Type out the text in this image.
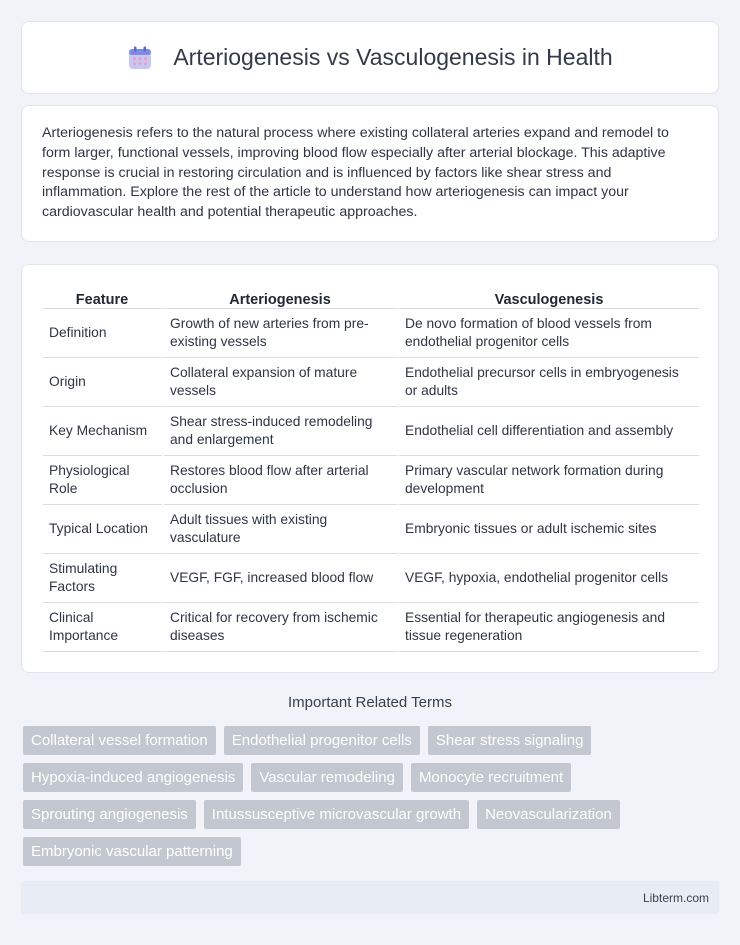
Arteriogenesis vs Vasculogenesis in Health

Arteriogenesis refers to the natural process where existing collateral arteries expand and remodel to form larger, functional vessels, improving blood flow especially after arterial blockage. This adaptive response is crucial in restoring circulation and is influenced by factors like shear stress and inflammation. Explore the rest of the article to understand how arteriogenesis can impact your cardiovascular health and potential therapeutic approaches.

Feature	Arteriogenesis	Vasculogenesis
Definition	Growth of new arteries from pre-existing vessels	De novo formation of blood vessels from endothelial progenitor cells
Origin	Collateral expansion of mature vessels	Endothelial precursor cells in embryogenesis or adults
Key Mechanism	Shear stress-induced remodeling and enlargement	Endothelial cell differentiation and assembly
Physiological Role	Restores blood flow after arterial occlusion	Primary vascular network formation during development
Typical Location	Adult tissues with existing vasculature	Embryonic tissues or adult ischemic sites
Stimulating Factors	VEGF, FGF, increased blood flow	VEGF, hypoxia, endothelial progenitor cells
Clinical Importance	Critical for recovery from ischemic diseases	Essential for therapeutic angiogenesis and tissue regeneration
Important Related Terms
Collateral vessel formation	Endothelial progenitor cells	Shear stress signaling
Hypoxia-induced angiogenesis	Vascular remodeling	Monocyte recruitment
Sprouting angiogenesis	Intussusceptive microvascular growth	Neovascularization
Embryonic vascular patterning
Libterm.com
